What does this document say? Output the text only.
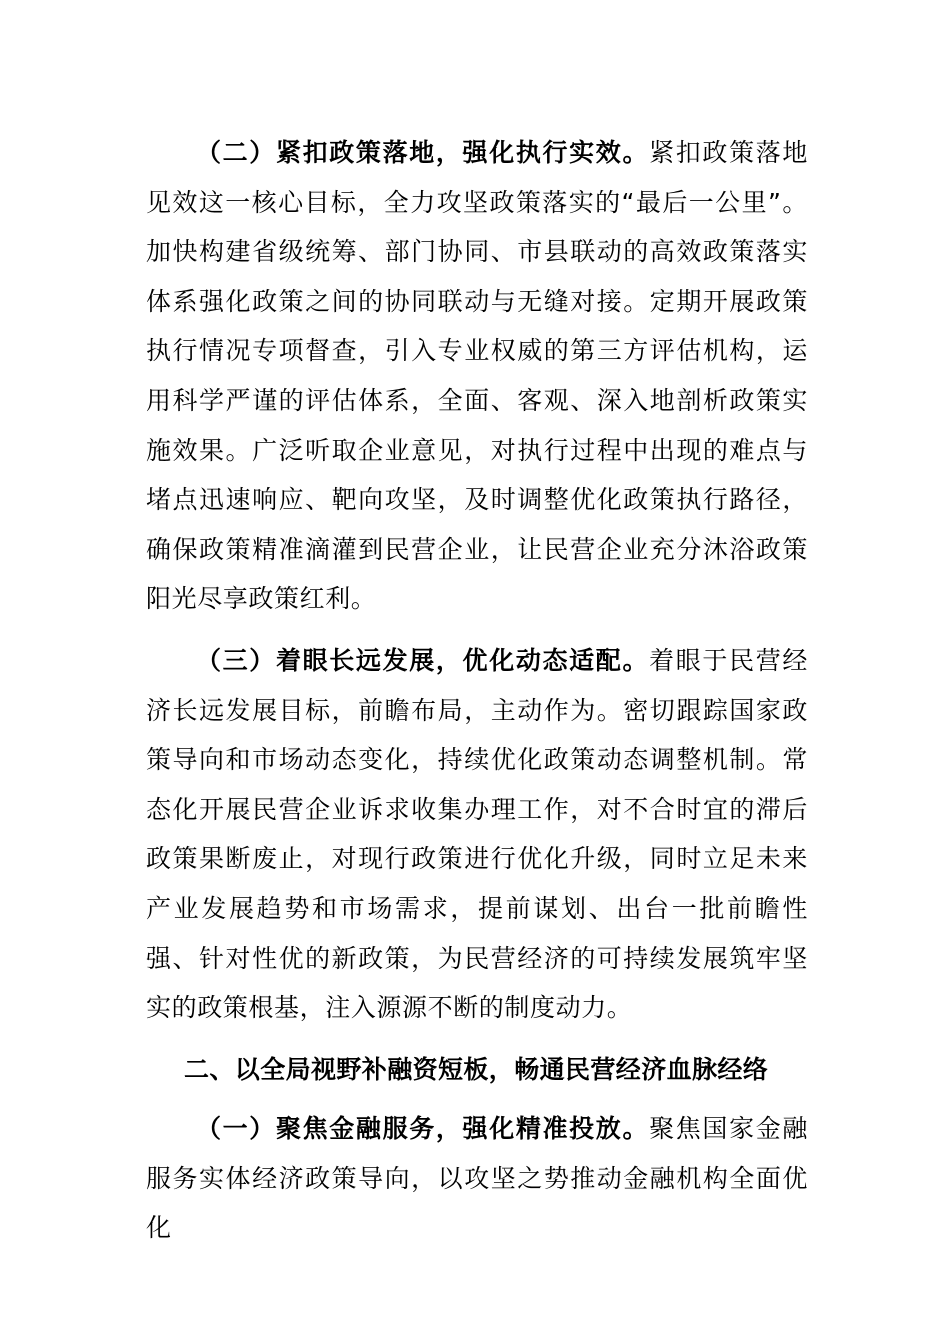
（二）紧扣政策落地，强化执行实效。紧扣政策落地见效这一核心目标，全力攻坚政策落实的“最后一公里”。加快构建省级统筹、部门协同、市县联动的高效政策落实体系强化政策之间的协同联动与无缝对接。定期开展政策执行情况专项督查，引入专业权威的第三方评估机构，运用科学严谨的评估体系，全面、客观、深入地剖析政策实施效果。广泛听取企业意见，对执行过程中出现的难点与堵点迅速响应、靶向攻坚，及时调整优化政策执行路径，确保政策精准滴灌到民营企业，让民营企业充分沐浴政策阳光尽享政策红利。

（三）着眼长远发展，优化动态适配。着眼于民营经济长远发展目标，前瞻布局，主动作为。密切跟踪国家政策导向和市场动态变化，持续优化政策动态调整机制。常态化开展民营企业诉求收集办理工作，对不合时宜的滞后政策果断废止，对现行政策进行优化升级，同时立足未来产业发展趋势和市场需求，提前谋划、出台一批前瞻性强、针对性优的新政策，为民营经济的可持续发展筑牢坚实的政策根基，注入源源不断的制度动力。

二、以全局视野补融资短板，畅通民营经济血脉经络

（一）聚焦金融服务，强化精准投放。聚焦国家金融服务实体经济政策导向，以攻坚之势推动金融机构全面优化
